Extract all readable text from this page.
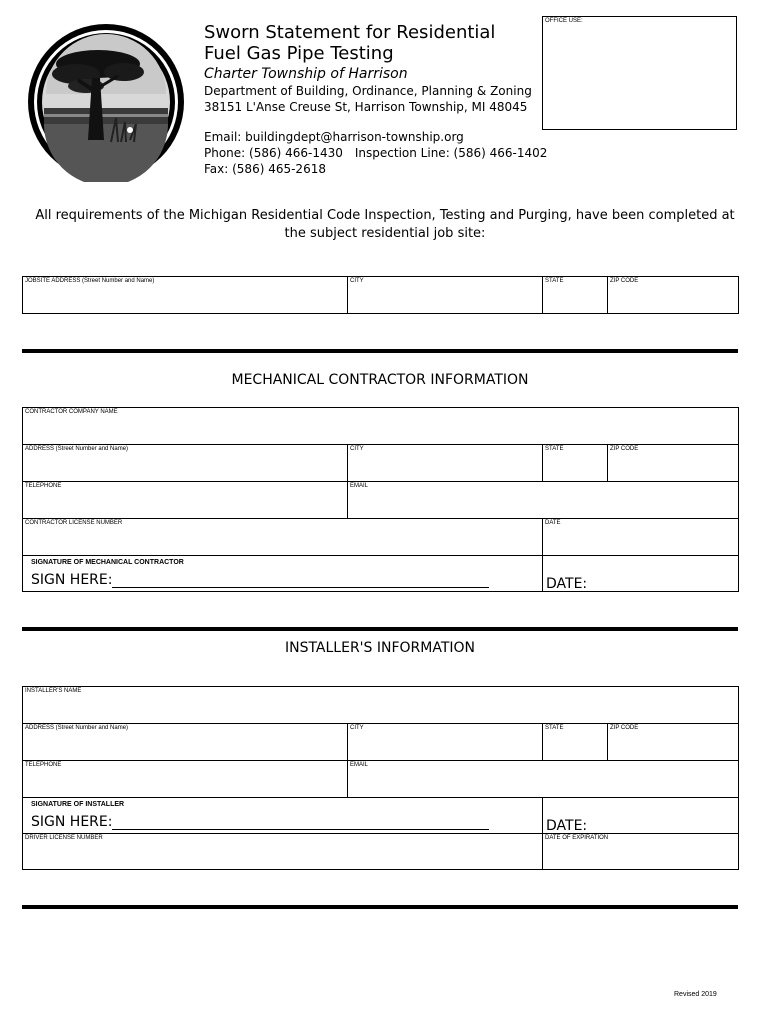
Sworn Statement for Residential
Fuel Gas Pipe Testing
Charter Township of Harrison
Department of Building, Ordinance, Planning & Zoning
38151 L'Anse Creuse St, Harrison Township, MI 48045
Email: buildingdept@harrison-township.org
Phone: (586) 466-1430 Inspection Line: (586) 466-1402
Fax: (586) 465-2618
OFFICE USE:
All requirements of the Michigan Residential Code Inspection, Testing and Purging, have been completed at the subject residential job site:
JOBSITE ADDRESS (Street Number and Name)	CITY	STATE	ZIP CODE
MECHANICAL CONTRACTOR INFORMATION
CONTRACTOR COMPANY NAME			
ADDRESS (Street Number and Name)	CITY	STATE	ZIP CODE
TELEPHONE	EMAIL		
CONTRACTOR LICENSE NUMBER		DATE	

SIGNATURE OF MECHANICAL CONTRACTOR
SIGN HERE:		DATE:	
INSTALLER'S INFORMATION
INSTALLER'S NAME			
ADDRESS (Street Number and Name)	CITY	STATE	ZIP CODE
TELEPHONE	EMAIL		

SIGNATURE OF INSTALLER
SIGN HERE:		DATE:	

DRIVER LICENSE NUMBER		DATE OF EXPIRATION	
Revised 2019
